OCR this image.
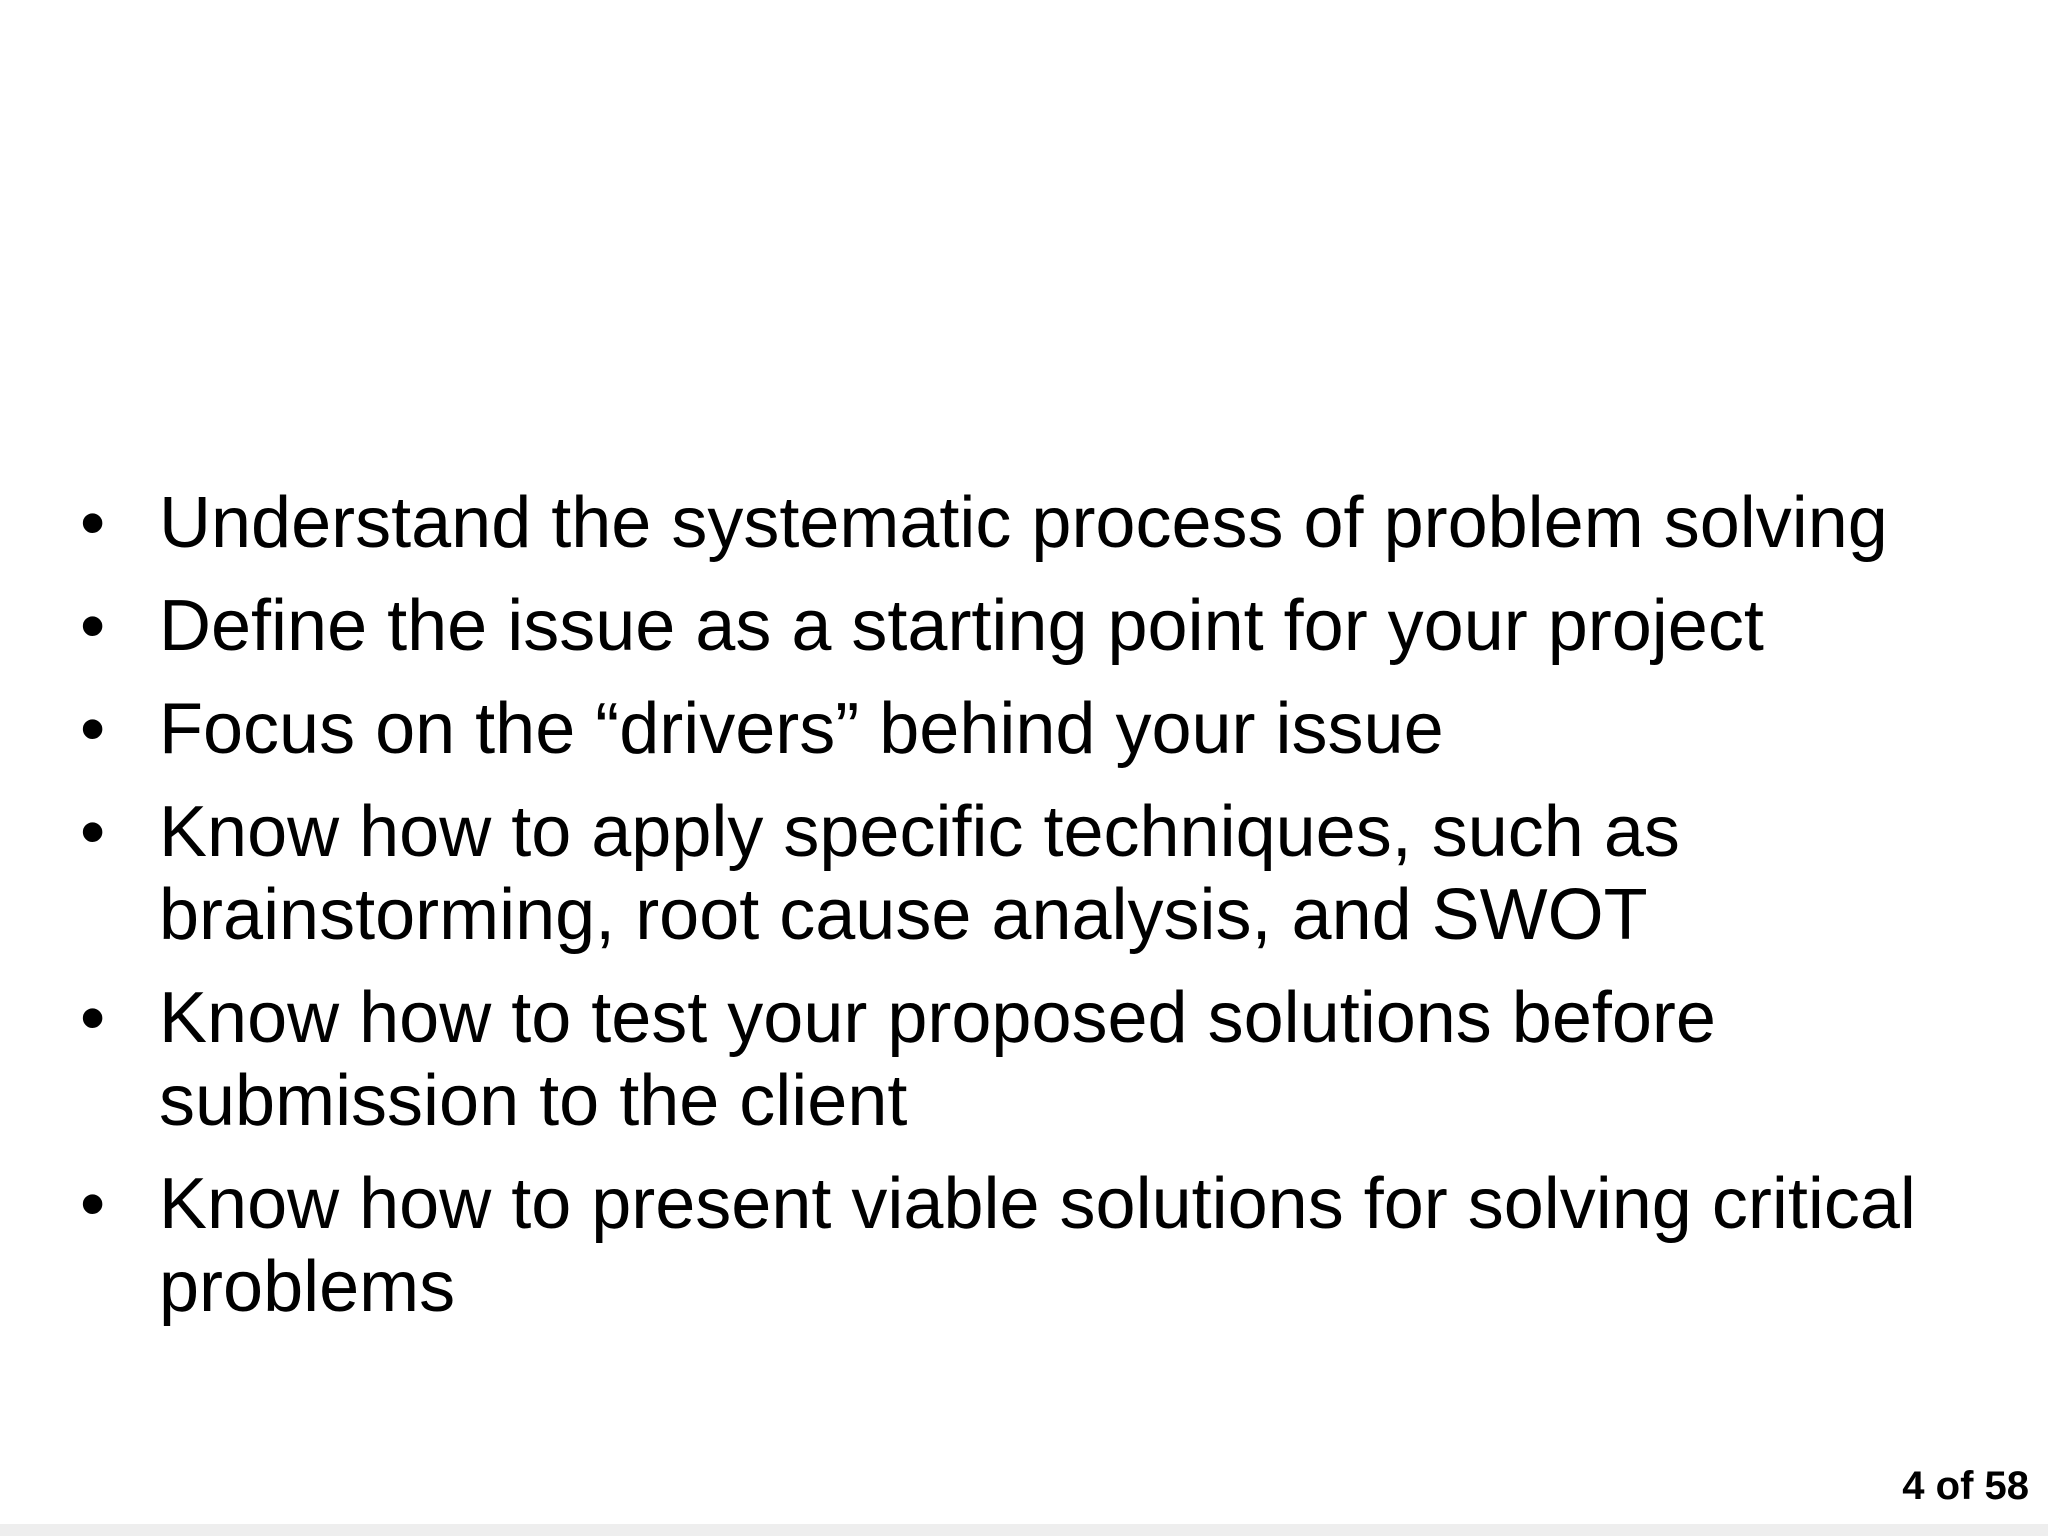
• Understand the systematic process of problem solving
• Define the issue as a starting point for your project
• Focus on the “drivers” behind your issue
• Know how to apply specific techniques, such as brainstorming, root cause analysis, and SWOT
• Know how to test your proposed solutions before submission to the client
• Know how to present viable solutions for solving critical problems
4 of 58
